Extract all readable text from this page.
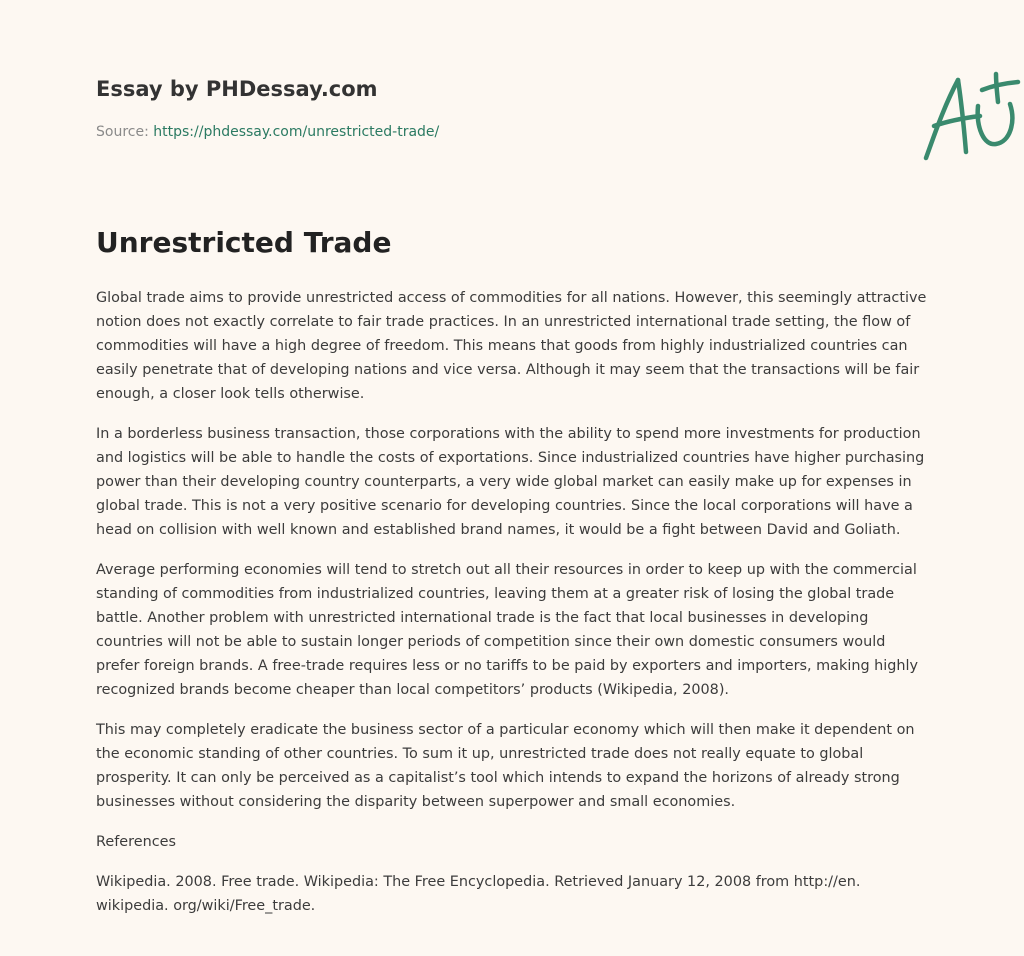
Essay by PHDessay.com
Source: https://phdessay.com/unrestricted-trade/
Unrestricted Trade

Global trade aims to provide unrestricted access of commodities for all nations. However, this seemingly attractive notion does not exactly correlate to fair trade practices. In an unrestricted international trade setting, the flow of commodities will have a high degree of freedom. This means that goods from highly industrialized countries can easily penetrate that of developing nations and vice versa. Although it may seem that the transactions will be fair enough, a closer look tells otherwise.

In a borderless business transaction, those corporations with the ability to spend more investments for production and logistics will be able to handle the costs of exportations. Since industrialized countries have higher purchasing power than their developing country counterparts, a very wide global market can easily make up for expenses in global trade. This is not a very positive scenario for developing countries. Since the local corporations will have a head on collision with well known and established brand names, it would be a fight between David and Goliath.

Average performing economies will tend to stretch out all their resources in order to keep up with the commercial standing of commodities from industrialized countries, leaving them at a greater risk of losing the global trade battle. Another problem with unrestricted international trade is the fact that local businesses in developing countries will not be able to sustain longer periods of competition since their own domestic consumers would prefer foreign brands. A free-trade requires less or no tariffs to be paid by exporters and importers, making highly recognized brands become cheaper than local competitors’ products (Wikipedia, 2008).

This may completely eradicate the business sector of a particular economy which will then make it dependent on the economic standing of other countries. To sum it up, unrestricted trade does not really equate to global prosperity. It can only be perceived as a capitalist’s tool which intends to expand the horizons of already strong businesses without considering the disparity between superpower and small economies.

References

Wikipedia. 2008. Free trade. Wikipedia: The Free Encyclopedia. Retrieved January 12, 2008 from http://en. wikipedia. org/wiki/Free_trade.
